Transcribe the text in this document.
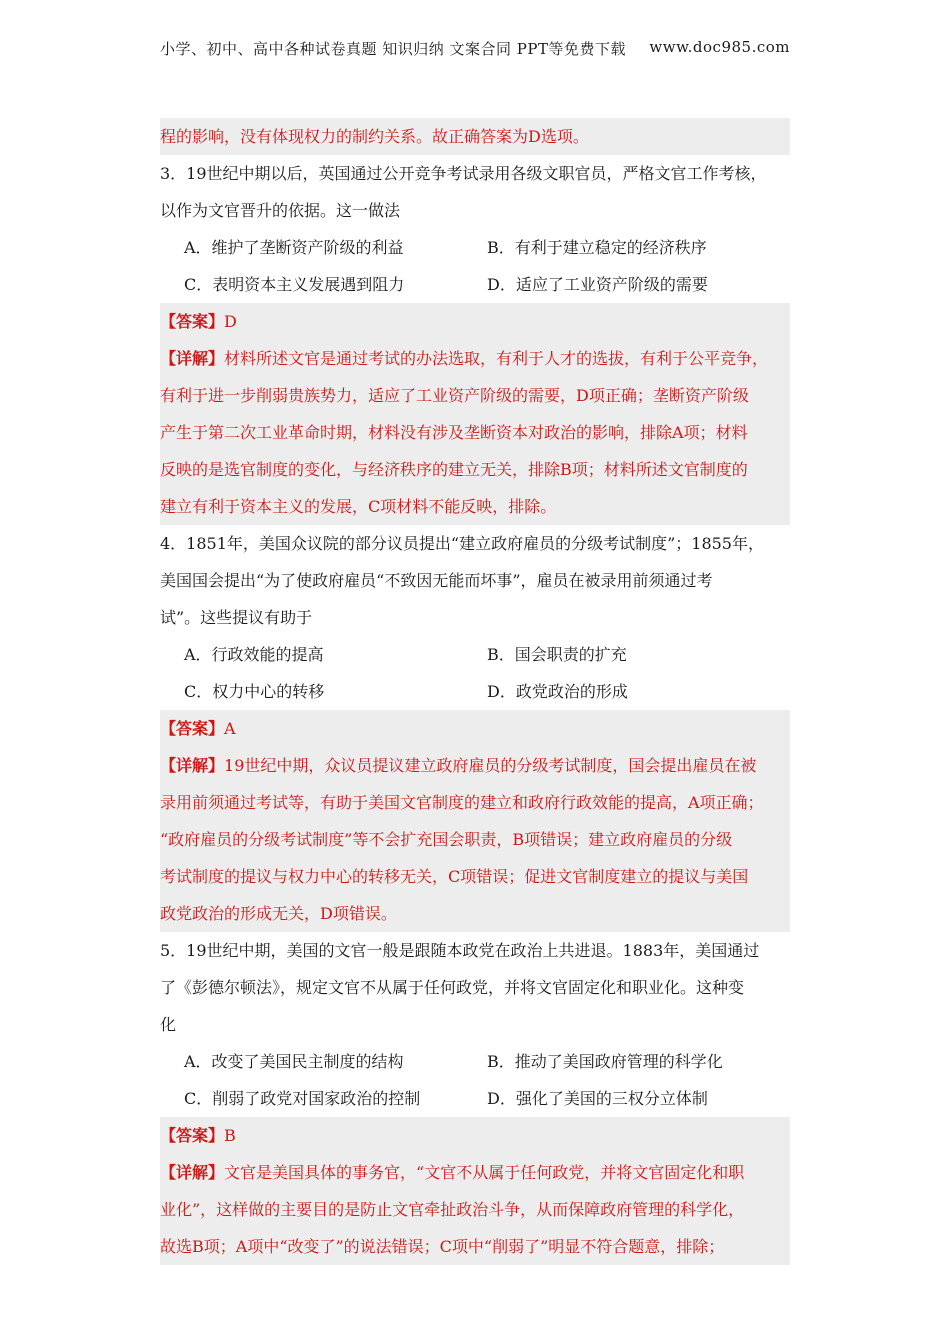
小学、初中、高中各种试卷真题 知识归纳 文案合同 PPT等免费下载 www.doc985.com
程的影响，没有体现权力的制约关系。故正确答案为D选项。
3．19世纪中期以后，英国通过公开竞争考试录用各级文职官员，严格文官工作考核，
以作为文官晋升的依据。这一做法
A．维护了垄断资产阶级的利益	B．有利于建立稳定的经济秩序
C．表明资本主义发展遇到阻力	D．适应了工业资产阶级的需要
【答案】D
【详解】材料所述文官是通过考试的办法选取，有利于人才的选拔，有利于公平竞争，
有利于进一步削弱贵族势力，适应了工业资产阶级的需要，D项正确；垄断资产阶级
产生于第二次工业革命时期，材料没有涉及垄断资本对政治的影响，排除A项；材料
反映的是选官制度的变化，与经济秩序的建立无关，排除B项；材料所述文官制度的
建立有利于资本主义的发展，C项材料不能反映，排除。
4．1851年，美国众议院的部分议员提出“建立政府雇员的分级考试制度”；1855年，
美国国会提出“为了使政府雇员“不致因无能而坏事”，雇员在被录用前须通过考
试”。这些提议有助于
A．行政效能的提高	B．国会职责的扩充
C．权力中心的转移	D．政党政治的形成
【答案】A
【详解】19世纪中期，众议员提议建立政府雇员的分级考试制度，国会提出雇员在被
录用前须通过考试等，有助于美国文官制度的建立和政府行政效能的提高，A项正确；
“政府雇员的分级考试制度”等不会扩充国会职责，B项错误；建立政府雇员的分级
考试制度的提议与权力中心的转移无关，C项错误；促进文官制度建立的提议与美国
政党政治的形成无关，D项错误。
5．19世纪中期，美国的文官一般是跟随本政党在政治上共进退。1883年，美国通过
了《彭德尔顿法》，规定文官不从属于任何政党，并将文官固定化和职业化。这种变
化
A．改变了美国民主制度的结构	B．推动了美国政府管理的科学化
C．削弱了政党对国家政治的控制	D．强化了美国的三权分立体制
【答案】B
【详解】文官是美国具体的事务官，“文官不从属于任何政党，并将文官固定化和职
业化”，这样做的主要目的是防止文官牵扯政治斗争，从而保障政府管理的科学化，
故选B项；A项中“改变了”的说法错误；C项中“削弱了”明显不符合题意，排除；
